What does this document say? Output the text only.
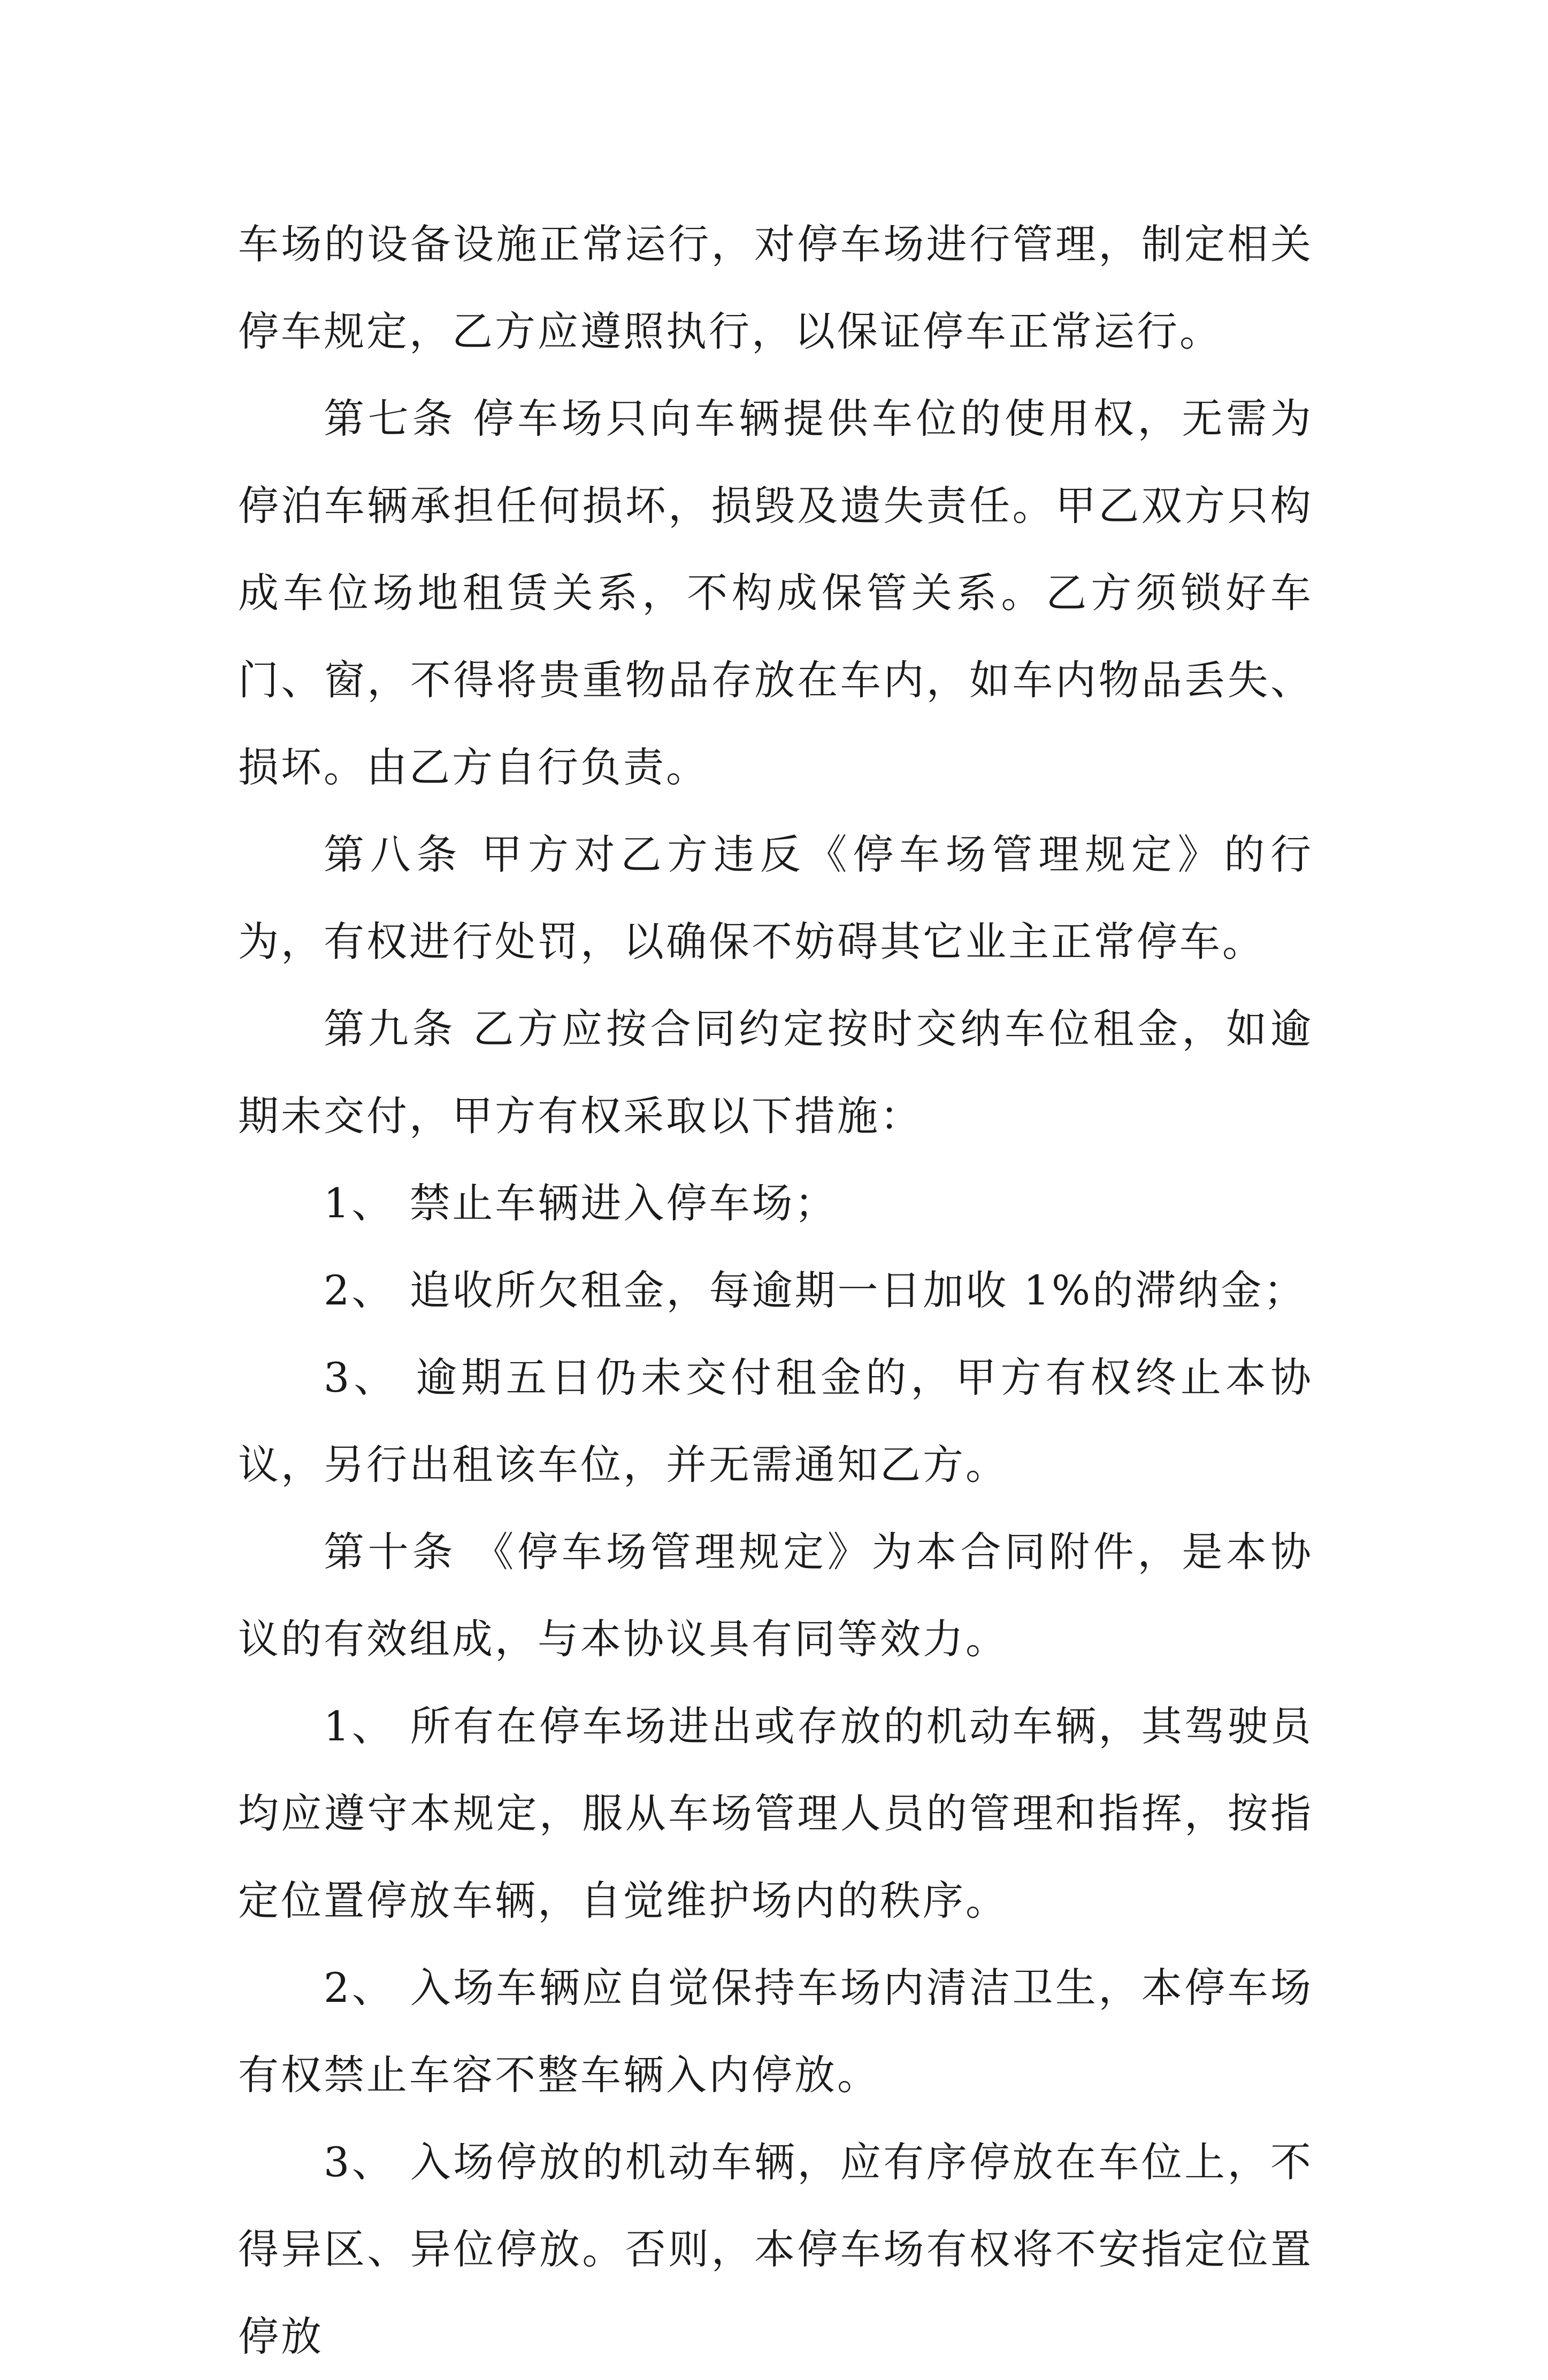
车场的设备设施正常运行，对停车场进行管理，制定相关停车规定，乙方应遵照执行，以保证停车正常运行。

第七条 停车场只向车辆提供车位的使用权，无需为停泊车辆承担任何损坏，损毁及遗失责任。甲乙双方只构成车位场地租赁关系，不构成保管关系。乙方须锁好车门、窗，不得将贵重物品存放在车内，如车内物品丢失、损坏。由乙方自行负责。

第八条 甲方对乙方违反《停车场管理规定》的行为，有权进行处罚，以确保不妨碍其它业主正常停车。

第九条 乙方应按合同约定按时交纳车位租金，如逾期未交付，甲方有权采取以下措施：

1、 禁止车辆进入停车场；

2、 追收所欠租金，每逾期一日加收 1%的滞纳金；

3、 逾期五日仍未交付租金的，甲方有权终止本协议，另行出租该车位，并无需通知乙方。

第十条 《停车场管理规定》为本合同附件，是本协议的有效组成，与本协议具有同等效力。

1、 所有在停车场进出或存放的机动车辆，其驾驶员均应遵守本规定，服从车场管理人员的管理和指挥，按指定位置停放车辆，自觉维护场内的秩序。

2、 入场车辆应自觉保持车场内清洁卫生，本停车场有权禁止车容不整车辆入内停放。

3、 入场停放的机动车辆，应有序停放在车位上，不得异区、异位停放。否则，本停车场有权将不安指定位置停放
